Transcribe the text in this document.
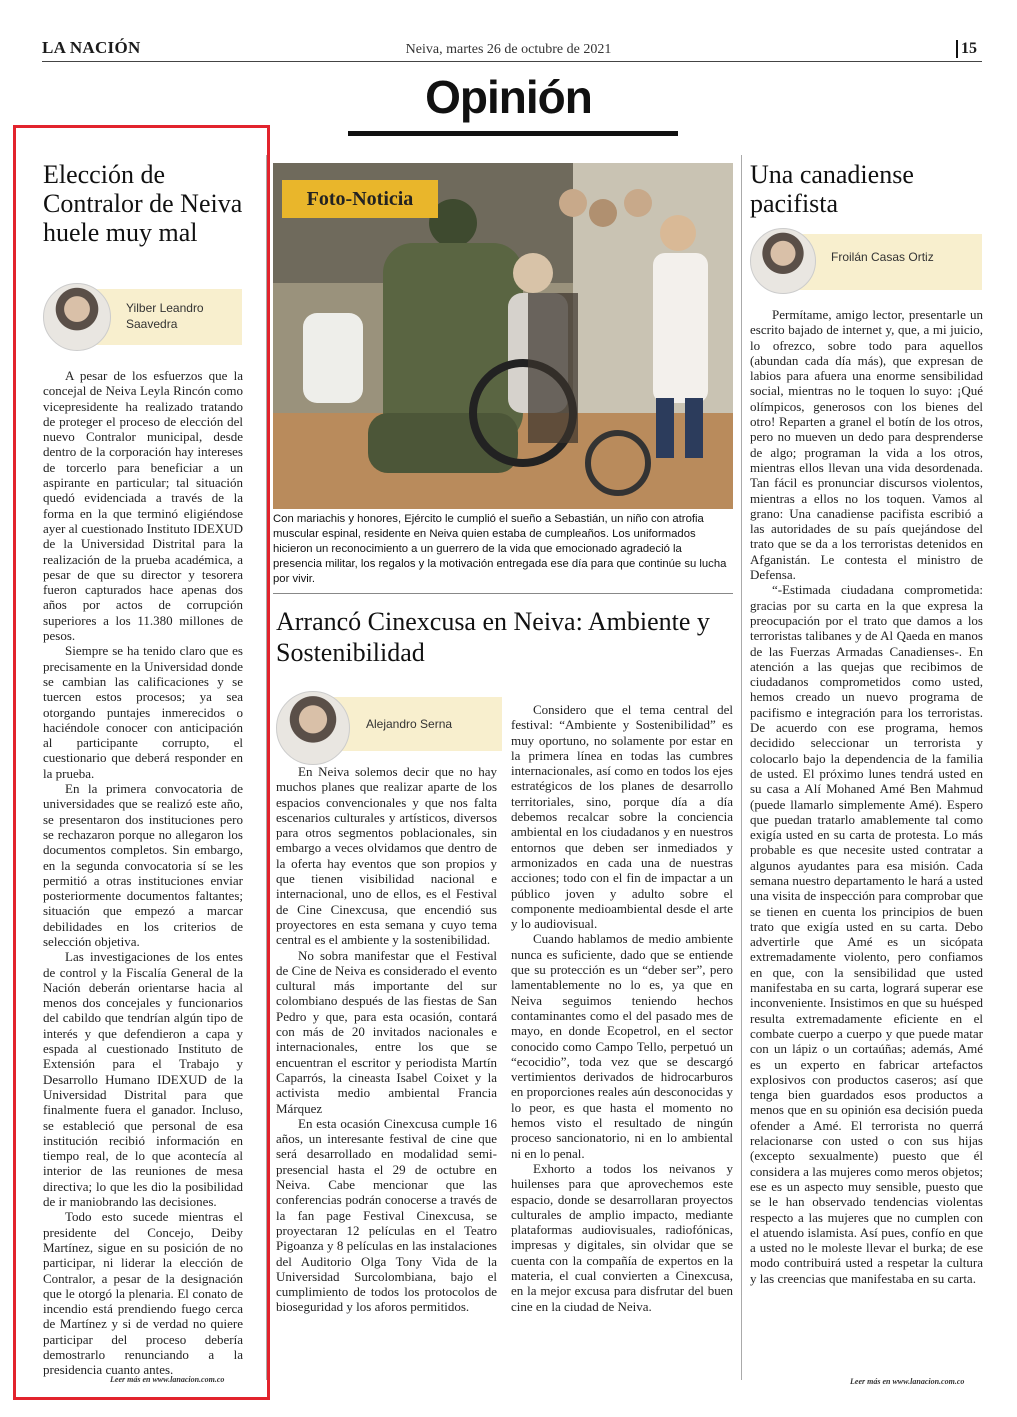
LA NACIÓN	Neiva, martes 26 de octubre de 2021	15
Opinión
Elección de Contralor de Neiva huele muy mal
Yilber Leandro Saavedra

A pesar de los esfuerzos que la concejal de Neiva Leyla Rincón como vicepresidente ha realizado tratando de proteger el proceso de elección del nuevo Contralor municipal, desde dentro de la corporación hay intereses de torcerlo para beneficiar a un aspirante en particular; tal situación quedó evidenciada a través de la forma en la que terminó eligiéndose ayer al cuestionado Instituto IDEXUD de la Universidad Distrital para la realización de la prueba académica, a pesar de que su director y tesorera fueron capturados hace apenas dos años por actos de corrupción superiores a los 11.380 millones de pesos.

Siempre se ha tenido claro que es precisamente en la Universidad donde se cambian las calificaciones y se tuercen estos procesos; ya sea otorgando puntajes inmerecidos o haciéndole conocer con anticipación al participante corrupto, el cuestionario que deberá responder en la prueba.

En la primera convocatoria de universidades que se realizó este año, se presentaron dos instituciones pero se rechazaron porque no allegaron los documentos completos. Sin embargo, en la segunda convocatoria sí se les permitió a otras instituciones enviar posteriormente documentos faltantes; situación que empezó a marcar debilidades en los criterios de selección objetiva.

Las investigaciones de los entes de control y la Fiscalía General de la Nación deberán orientarse hacia al menos dos concejales y funcionarios del cabildo que tendrían algún tipo de interés y que defendieron a capa y espada al cuestionado Instituto de Extensión para el Trabajo y Desarrollo Humano IDEXUD de la Universidad Distrital para que finalmente fuera el ganador. Incluso, se estableció que personal de esa institución recibió información en tiempo real, de lo que acontecía al interior de las reuniones de mesa directiva; lo que les dio la posibilidad de ir maniobrando las decisiones.

Todo esto sucede mientras el presidente del Concejo, Deiby Martínez, sigue en su posición de no participar, ni liderar la elección de Contralor, a pesar de la designación que le otorgó la plenaria. El conato de incendio está prendiendo fuego cerca de Martínez y si de verdad no quiere participar del proceso debería demostrarlo renunciando a la presidencia cuanto antes.

Leer más en www.lanacion.com.co
Foto-Noticia
Con mariachis y honores, Ejército le cumplió el sueño a Sebastián, un niño con atrofia muscular espinal, residente en Neiva quien estaba de cumpleaños. Los uniformados hicieron un reconocimiento a un guerrero de la vida que emocionado agradeció la presencia militar, los regalos y la motivación entregada ese día para que continúe su lucha por vivir.
Arrancó Cinexcusa en Neiva: Ambiente y Sostenibilidad
Alejandro Serna

En Neiva solemos decir que no hay muchos planes que realizar aparte de los espacios convencionales y que nos falta escenarios culturales y artísticos, diversos para otros segmentos poblacionales, sin embargo a veces olvidamos que dentro de la oferta hay eventos que son propios y que tienen visibilidad nacional e internacional, uno de ellos, es el Festival de Cine Cinexcusa, que encendió sus proyectores en esta semana y cuyo tema central es el ambiente y la sostenibilidad.

No sobra manifestar que el Festival de Cine de Neiva es considerado el evento cultural más importante del sur colombiano después de las fiestas de San Pedro y que, para esta ocasión, contará con más de 20 invitados nacionales e internacionales, entre los que se encuentran el escritor y periodista Martín Caparrós, la cineasta Isabel Coixet y la activista medio ambiental Francia Márquez

En esta ocasión Cinexcusa cumple 16 años, un interesante festival de cine que será desarrollado en modalidad semi-presencial hasta el 29 de octubre en Neiva. Cabe mencionar que las conferencias podrán conocerse a través de la fan page Festival Cinexcusa, se proyectaran 12 películas en el Teatro Pigoanza y 8 películas en las instalaciones del Auditorio Olga Tony Vida de la Universidad Surcolombiana, bajo el cumplimiento de todos los protocolos de bioseguridad y los aforos permitidos.

Considero que el tema central del festival: “Ambiente y Sostenibilidad” es muy oportuno, no solamente por estar en la primera línea en todas las cumbres internacionales, así como en todos los ejes estratégicos de los planes de desarrollo territoriales, sino, porque día a día debemos recalcar sobre la conciencia ambiental en los ciudadanos y en nuestros entornos que deben ser inmediados y armonizados en cada una de nuestras acciones; todo con el fin de impactar a un público joven y adulto sobre el componente medioambiental desde el arte y lo audiovisual.

Cuando hablamos de medio ambiente nunca es suficiente, dado que se entiende que su protección es un “deber ser”, pero lamentablemente no lo es, ya que en Neiva seguimos teniendo hechos contaminantes como el del pasado mes de mayo, en donde Ecopetrol, en el sector conocido como Campo Tello, perpetuó un “ecocidio”, toda vez que se descargó vertimientos derivados de hidrocarburos en proporciones reales aún desconocidas y lo peor, es que hasta el momento no hemos visto el resultado de ningún proceso sancionatorio, ni en lo ambiental ni en lo penal.

Exhorto a todos los neivanos y huilenses para que aprovechemos este espacio, donde se desarrollaran proyectos culturales de amplio impacto, mediante plataformas audiovisuales, radiofónicas, impresas y digitales, sin olvidar que se cuenta con la compañía de expertos en la materia, el cual convierten a Cinexcusa, en la mejor excusa para disfrutar del buen cine en la ciudad de Neiva.

Una canadiense pacifista
Froilán Casas Ortiz

Permítame, amigo lector, presentarle un escrito bajado de internet y, que, a mi juicio, lo ofrezco, sobre todo para aquellos (abundan cada día más), que expresan de labios para afuera una enorme sensibilidad social, mientras no le toquen lo suyo: ¡Qué olímpicos, generosos con los bienes del otro! Reparten a granel el botín de los otros, pero no mueven un dedo para desprenderse de algo; programan la vida a los otros, mientras ellos llevan una vida desordenada. Tan fácil es pronunciar discursos violentos, mientras a ellos no los toquen. Vamos al grano: Una canadiense pacifista escribió a las autoridades de su país quejándose del trato que se da a los terroristas detenidos en Afganistán. Le contesta el ministro de Defensa.

“-Estimada ciudadana comprometida: gracias por su carta en la que expresa la preocupación por el trato que damos a los terroristas talibanes y de Al Qaeda en manos de las Fuerzas Armadas Canadienses-. En atención a las quejas que recibimos de ciudadanos comprometidos como usted, hemos creado un nuevo programa de pacifismo e integración para los terroristas. De acuerdo con ese programa, hemos decidido seleccionar un terrorista y colocarlo bajo la dependencia de la familia de usted. El próximo lunes tendrá usted en su casa a Alí Mohaned Amé Ben Mahmud (puede llamarlo simplemente Amé). Espero que puedan tratarlo amablemente tal como exigía usted en su carta de protesta. Lo más probable es que necesite usted contratar a algunos ayudantes para esa misión. Cada semana nuestro departamento le hará a usted una visita de inspección para comprobar que se tienen en cuenta los principios de buen trato que exigía usted en su carta. Debo advertirle que Amé es un sicópata extremadamente violento, pero confiamos en que, con la sensibilidad que usted manifestaba en su carta, logrará superar ese inconveniente. Insistimos en que su huésped resulta extremadamente eficiente en el combate cuerpo a cuerpo y que puede matar con un lápiz o un cortaúñas; además, Amé es un experto en fabricar artefactos explosivos con productos caseros; así que tenga bien guardados esos productos a menos que en su opinión esa decisión pueda ofender a Amé. El terrorista no querrá relacionarse con usted o con sus hijas (excepto sexualmente) puesto que él considera a las mujeres como meros objetos; ese es un aspecto muy sensible, puesto que se le han observado tendencias violentas respecto a las mujeres que no cumplen con el atuendo islamista. Así pues, confío en que a usted no le moleste llevar el burka; de ese modo contribuirá usted a respetar la cultura y las creencias que manifestaba en su carta.

Leer más en www.lanacion.com.co
